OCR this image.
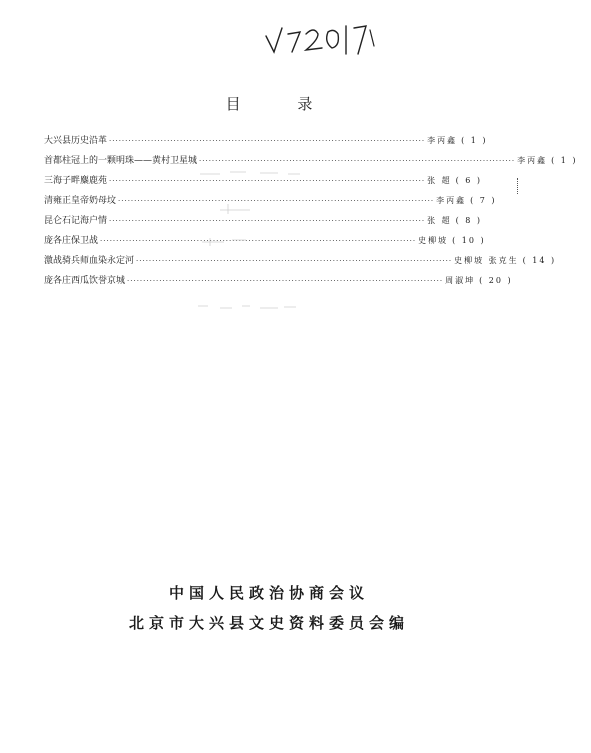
目 录
大兴县历史沿革 ·································································································· 李丙鑫 ( 1 )
首都柱冠上的一颗明珠——黄村卫星城 ·································································································· 李丙鑫 ( 1 )
三海子畔麋鹿苑 ·································································································· 张 超 ( 6 )
清雍正皇帝奶母坟 ·································································································· 李丙鑫 ( 7 )
昆仑石记海户情 ·································································································· 张 超 ( 8 )
庞各庄保卫战 ·································································································· 史柳坡 ( 10 )
激战骑兵师血染永定河 ·································································································· 史柳坡 张克生 ( 14 )
庞各庄西瓜饮誉京城 ·································································································· 周淑坤 ( 20 )
中国人民政治协商会议
北京市大兴县文史资料委员会编
